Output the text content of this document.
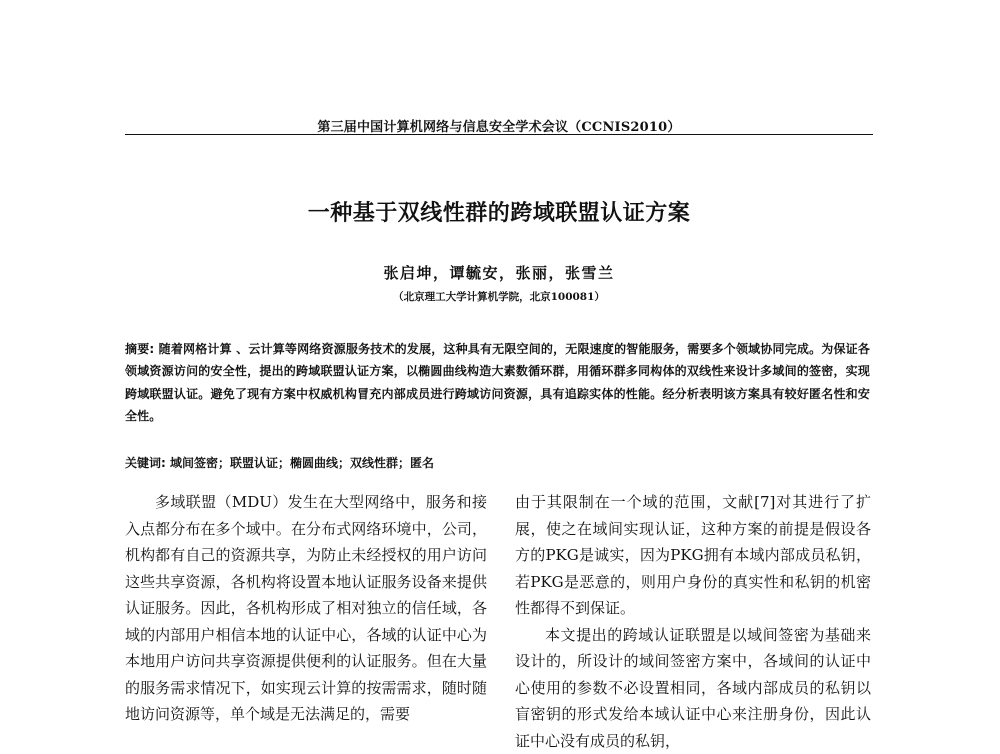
第三届中国计算机网络与信息安全学术会议（CCNIS2010）
一种基于双线性群的跨域联盟认证方案
张启坤，谭毓安，张丽，张雪兰
（北京理工大学计算机学院，北京100081）
摘要: 随着网格计算 、云计算等网络资源服务技术的发展，这种具有无限空间的，无限速度的智能服务，需要多个领域协同完成。为保证各领域资源访问的安全性，提出的跨域联盟认证方案，以椭圆曲线构造大素数循环群，用循环群多同构体的双线性来设计多域间的签密，实现跨域联盟认证。避免了现有方案中权威机构冒充内部成员进行跨域访问资源，具有追踪实体的性能。经分析表明该方案具有较好匿名性和安全性。
关键词: 域间签密；联盟认证；椭圆曲线；双线性群；匿名

多域联盟（MDU）发生在大型网络中，服务和接入点都分布在多个域中。在分布式网络环境中，公司，机构都有自己的资源共享，为防止未经授权的用户访问这些共享资源，各机构将设置本地认证服务设备来提供认证服务。因此，各机构形成了相对独立的信任域，各域的内部用户相信本地的认证中心，各域的认证中心为本地用户访问共享资源提供便利的认证服务。但在大量的服务需求情况下，如实现云计算的按需需求，随时随地访问资源等，单个域是无法满足的，需要

由于其限制在一个域的范围，文献[7]对其进行了扩展，使之在域间实现认证，这种方案的前提是假设各方的PKG是诚实，因为PKG拥有本域内部成员私钥，若PKG是恶意的，则用户身份的真实性和私钥的机密性都得不到保证。

本文提出的跨域认证联盟是以域间签密为基础来设计的，所设计的域间签密方案中，各域间的认证中心使用的参数不必设置相同，各域内部成员的私钥以盲密钥的形式发给本域认证中心来注册身份，因此认证中心没有成员的私钥，
